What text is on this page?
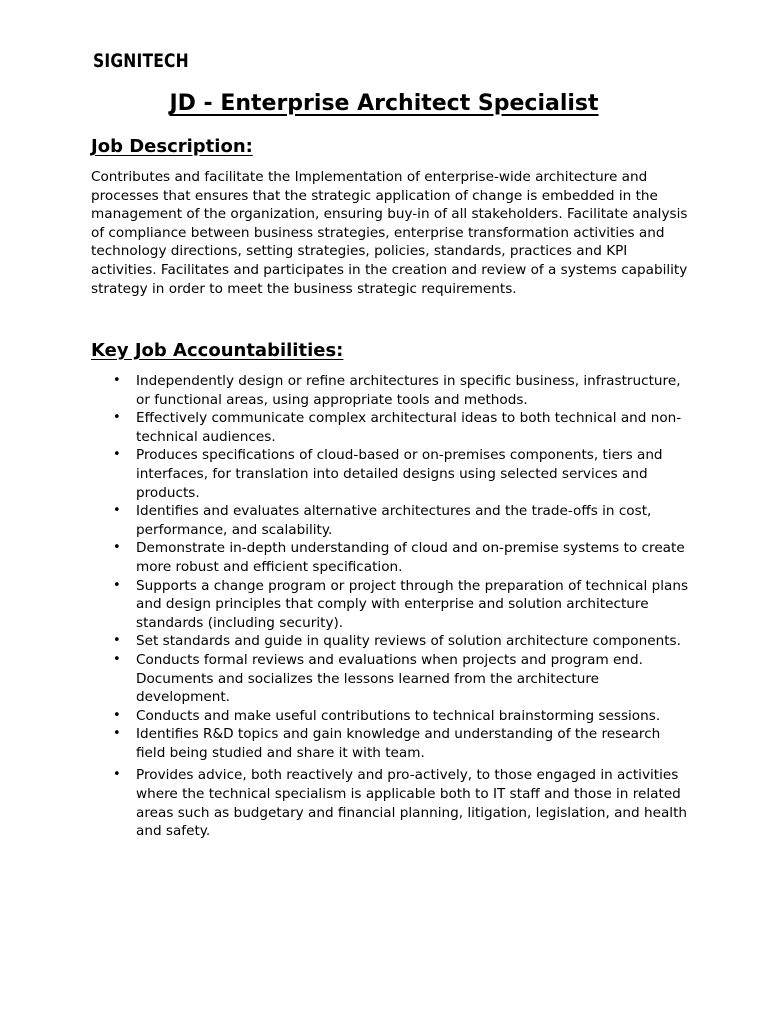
SIGNITECH
JD - Enterprise Architect Specialist
Job Description:
Contributes and facilitate the Implementation of enterprise-wide architecture and processes that ensures that the strategic application of change is embedded in the management of the organization, ensuring buy-in of all stakeholders. Facilitate analysis of compliance between business strategies, enterprise transformation activities and technology directions, setting strategies, policies, standards, practices and KPI activities. Facilitates and participates in the creation and review of a systems capability strategy in order to meet the business strategic requirements.
Key Job Accountabilities:
• Independently design or refine architectures in specific business, infrastructure, or functional areas, using appropriate tools and methods.
• Effectively communicate complex architectural ideas to both technical and non-technical audiences.
• Produces specifications of cloud-based or on-premises components, tiers and interfaces, for translation into detailed designs using selected services and products.
• Identifies and evaluates alternative architectures and the trade-offs in cost, performance, and scalability.
• Demonstrate in-depth understanding of cloud and on-premise systems to create more robust and efficient specification.
• Supports a change program or project through the preparation of technical plans and design principles that comply with enterprise and solution architecture standards (including security).
• Set standards and guide in quality reviews of solution architecture components.
• Conducts formal reviews and evaluations when projects and program end. Documents and socializes the lessons learned from the architecture development.
• Conducts and make useful contributions to technical brainstorming sessions.
• Identifies R&D topics and gain knowledge and understanding of the research field being studied and share it with team.
• Provides advice, both reactively and pro-actively, to those engaged in activities where the technical specialism is applicable both to IT staff and those in related areas such as budgetary and financial planning, litigation, legislation, and health and safety.
